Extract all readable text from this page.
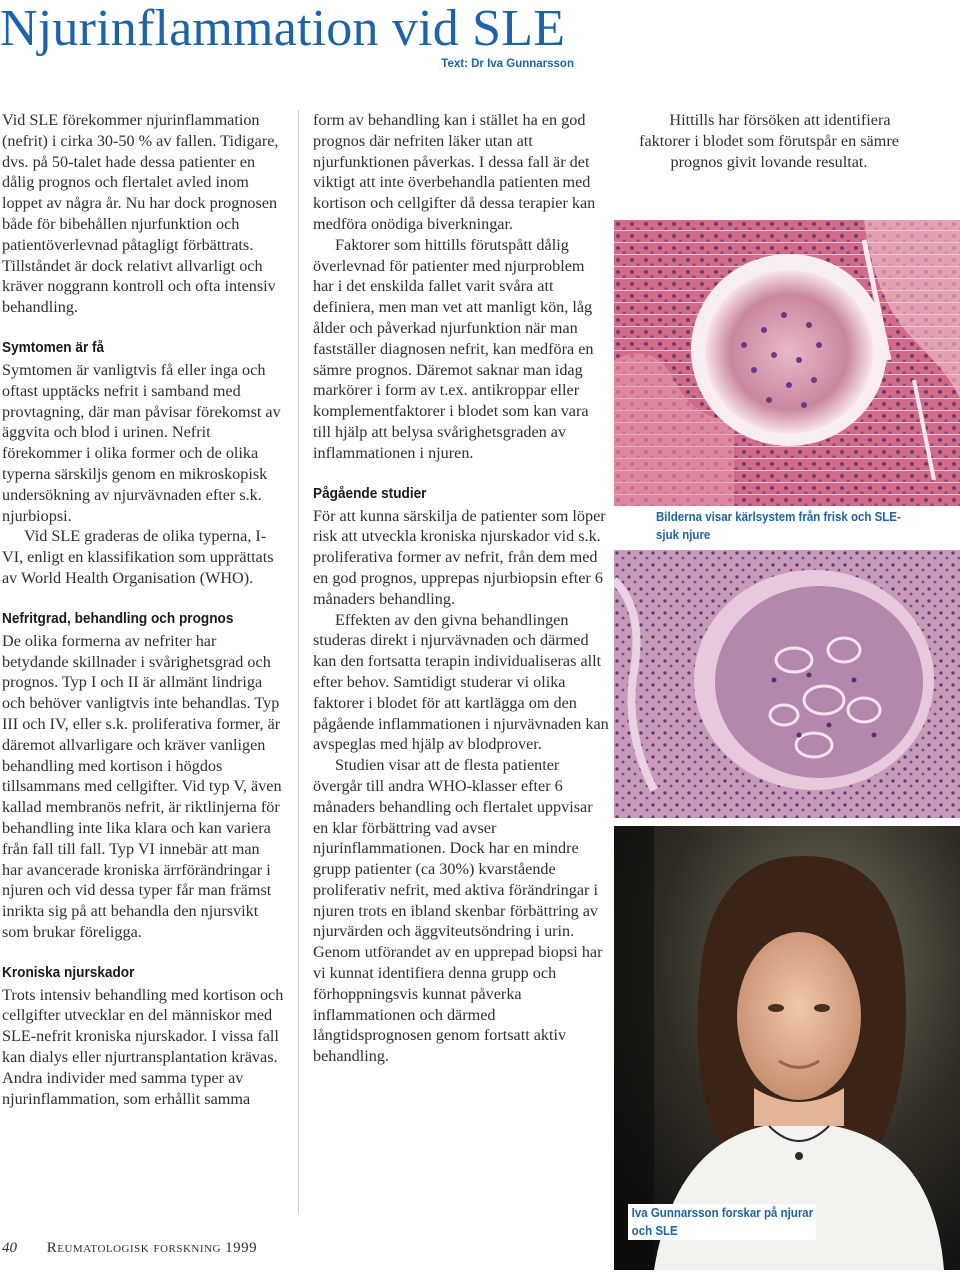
Njurinflammation vid SLE
Text: Dr Iva Gunnarsson

Vid SLE förekommer njurinflammation (nefrit) i cirka 30-50 % av fallen. Tidigare, dvs. på 50-talet hade dessa patienter en dålig prognos och flertalet avled inom loppet av några år. Nu har dock prognosen både för bibehållen njurfunktion och patientöverlevnad påtagligt förbättrats. Tillståndet är dock relativt allvarligt och kräver noggrann kontroll och ofta intensiv behandling.

Symtomen är få

Symtomen är vanligtvis få eller inga och oftast upptäcks nefrit i samband med provtagning, där man påvisar förekomst av äggvita och blod i urinen. Nefrit förekommer i olika former och de olika typerna särskiljs genom en mikroskopisk undersökning av njurvävnaden efter s.k. njurbiopsi.

Vid SLE graderas de olika typerna, I-VI, enligt en klassifikation som upprättats av World Health Organisation (WHO).

Nefritgrad, behandling och prognos

De olika formerna av nefriter har betydande skillnader i svårighetsgrad och prognos. Typ I och II är allmänt lindriga och behöver vanligtvis inte behandlas. Typ III och IV, eller s.k. proliferativa former, är däremot allvarligare och kräver vanligen behandling med kortison i högdos tillsammans med cellgifter. Vid typ V, även kallad membranös nefrit, är riktlinjerna för behandling inte lika klara och kan variera från fall till fall. Typ VI innebär att man har avancerade kroniska ärrförändringar i njuren och vid dessa typer får man främst inrikta sig på att behandla den njursvikt som brukar föreligga.

Kroniska njurskador

Trots intensiv behandling med kortison och cellgifter utvecklar en del människor med SLE-nefrit kroniska njurskador. I vissa fall kan dialys eller njurtransplantation krävas. Andra individer med samma typer av njurinflammation, som erhållit samma

form av behandling kan i stället ha en god prognos där nefriten läker utan att njurfunktionen påverkas. I dessa fall är det viktigt att inte överbehandla patienten med kortison och cellgifter då dessa terapier kan medföra onödiga biverkningar.

Faktorer som hittills förutspått dålig överlevnad för patienter med njurproblem har i det enskilda fallet varit svåra att definiera, men man vet att manligt kön, låg ålder och påverkad njurfunktion när man fastställer diagnosen nefrit, kan medföra en sämre prognos. Däremot saknar man idag markörer i form av t.ex. antikroppar eller komplementfaktorer i blodet som kan vara till hjälp att belysa svårighetsgraden av inflammationen i njuren.

Pågående studier

För att kunna särskilja de patienter som löper risk att utveckla kroniska njurskador vid s.k. proliferativa former av nefrit, från dem med en god prognos, upprepas njurbiopsin efter 6 månaders behandling.

Effekten av den givna behandlingen studeras direkt i njurvävnaden och därmed kan den fortsatta terapin individualiseras allt efter behov. Samtidigt studerar vi olika faktorer i blodet för att kartlägga om den pågående inflammationen i njurvävnaden kan avspeglas med hjälp av blodprover.

Studien visar att de flesta patienter övergår till andra WHO-klasser efter 6 månaders behandling och flertalet uppvisar en klar förbättring vad avser njurinflammationen. Dock har en mindre grupp patienter (ca 30%) kvarstående proliferativ nefrit, med aktiva förändringar i njuren trots en ibland skenbar förbättring av njurvärden och äggviteutsöndring i urin. Genom utförandet av en upprepad biopsi har vi kunnat identifiera denna grupp och förhoppningsvis kunnat påverka inflammationen och därmed långtidsprognosen genom fortsatt aktiv behandling.

Hittills har försöken att identifiera faktorer i blodet som förutspår en sämre prognos givit lovande resultat.

Bilderna visar kärlsystem från frisk och SLE-sjuk njure
Iva Gunnarsson forskar på njurar och SLE
40 Reumatologisk forskning 1999
